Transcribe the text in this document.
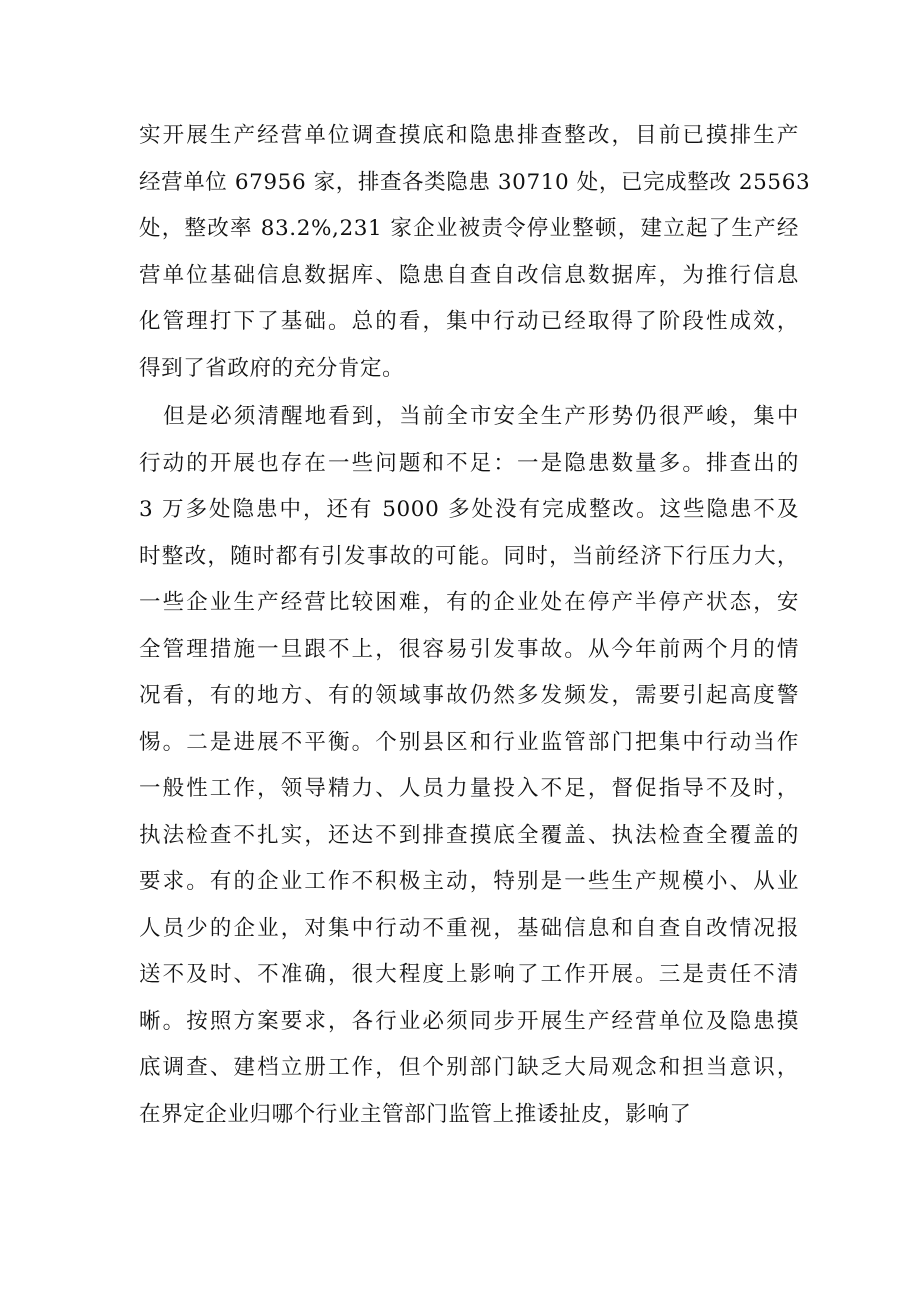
实开展生产经营单位调查摸底和隐患排查整改，目前已摸排生产
经营单位 67956 家，排查各类隐患 30710 处，已完成整改 25563
处，整改率 83.2%,231 家企业被责令停业整顿，建立起了生产经
营单位基础信息数据库、隐患自查自改信息数据库，为推行信息
化管理打下了基础。总的看，集中行动已经取得了阶段性成效，
得到了省政府的充分肯定。
但是必须清醒地看到，当前全市安全生产形势仍很严峻，集中
行动的开展也存在一些问题和不足：一是隐患数量多。排查出的
3 万多处隐患中，还有 5000 多处没有完成整改。这些隐患不及
时整改，随时都有引发事故的可能。同时，当前经济下行压力大，
一些企业生产经营比较困难，有的企业处在停产半停产状态，安
全管理措施一旦跟不上，很容易引发事故。从今年前两个月的情
况看，有的地方、有的领域事故仍然多发频发，需要引起高度警
惕。二是进展不平衡。个别县区和行业监管部门把集中行动当作
一般性工作，领导精力、人员力量投入不足，督促指导不及时，
执法检查不扎实，还达不到排查摸底全覆盖、执法检查全覆盖的
要求。有的企业工作不积极主动，特别是一些生产规模小、从业
人员少的企业，对集中行动不重视，基础信息和自查自改情况报
送不及时、不准确，很大程度上影响了工作开展。三是责任不清
晰。按照方案要求，各行业必须同步开展生产经营单位及隐患摸
底调查、建档立册工作，但个别部门缺乏大局观念和担当意识，
在界定企业归哪个行业主管部门监管上推诿扯皮，影响了
